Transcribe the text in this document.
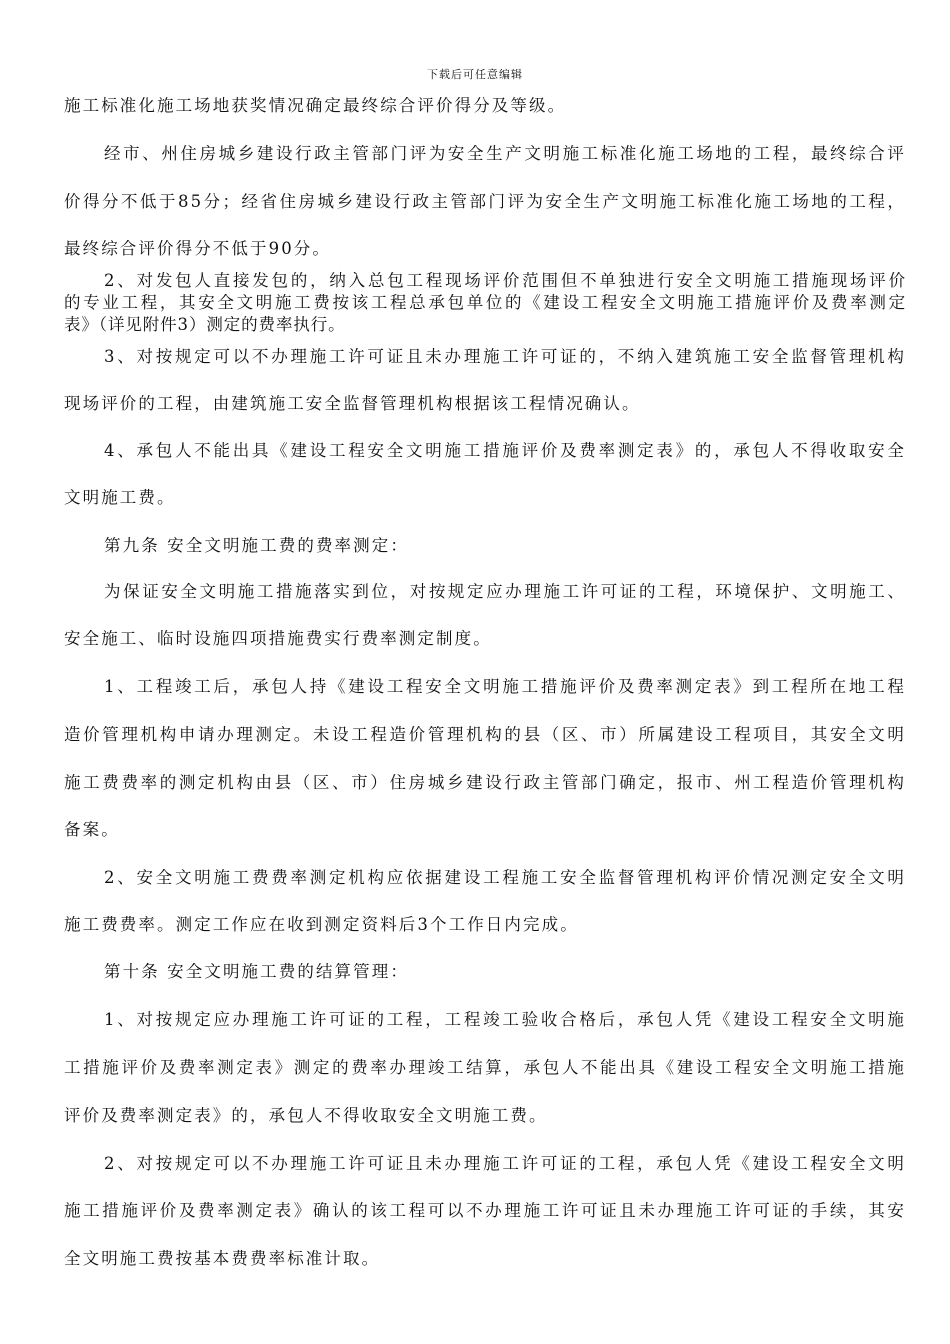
下载后可任意编辑
施工标准化施工场地获奖情况确定最终综合评价得分及等级。
经市、州住房城乡建设行政主管部门评为安全生产文明施工标准化施工场地的工程，最终综合评
价得分不低于85分；经省住房城乡建设行政主管部门评为安全生产文明施工标准化施工场地的工程，
最终综合评价得分不低于90分。
2、对发包人直接发包的，纳入总包工程现场评价范围但不单独进行安全文明施工措施现场评价
的专业工程，其安全文明施工费按该工程总承包单位的《建设工程安全文明施工措施评价及费率测定
表》（详见附件3）测定的费率执行。
3、对按规定可以不办理施工许可证且未办理施工许可证的，不纳入建筑施工安全监督管理机构
现场评价的工程，由建筑施工安全监督管理机构根据该工程情况确认。
4、承包人不能出具《建设工程安全文明施工措施评价及费率测定表》的，承包人不得收取安全
文明施工费。
第九条 安全文明施工费的费率测定：
为保证安全文明施工措施落实到位，对按规定应办理施工许可证的工程，环境保护、文明施工、
安全施工、临时设施四项措施费实行费率测定制度。
1、工程竣工后，承包人持《建设工程安全文明施工措施评价及费率测定表》到工程所在地工程
造价管理机构申请办理测定。未设工程造价管理机构的县（区、市）所属建设工程项目，其安全文明
施工费费率的测定机构由县（区、市）住房城乡建设行政主管部门确定，报市、州工程造价管理机构
备案。
2、安全文明施工费费率测定机构应依据建设工程施工安全监督管理机构评价情况测定安全文明
施工费费率。测定工作应在收到测定资料后3个工作日内完成。
第十条 安全文明施工费的结算管理：
1、对按规定应办理施工许可证的工程，工程竣工验收合格后，承包人凭《建设工程安全文明施
工措施评价及费率测定表》测定的费率办理竣工结算，承包人不能出具《建设工程安全文明施工措施
评价及费率测定表》的，承包人不得收取安全文明施工费。
2、对按规定可以不办理施工许可证且未办理施工许可证的工程，承包人凭《建设工程安全文明
施工措施评价及费率测定表》确认的该工程可以不办理施工许可证且未办理施工许可证的手续，其安
全文明施工费按基本费费率标准计取。
